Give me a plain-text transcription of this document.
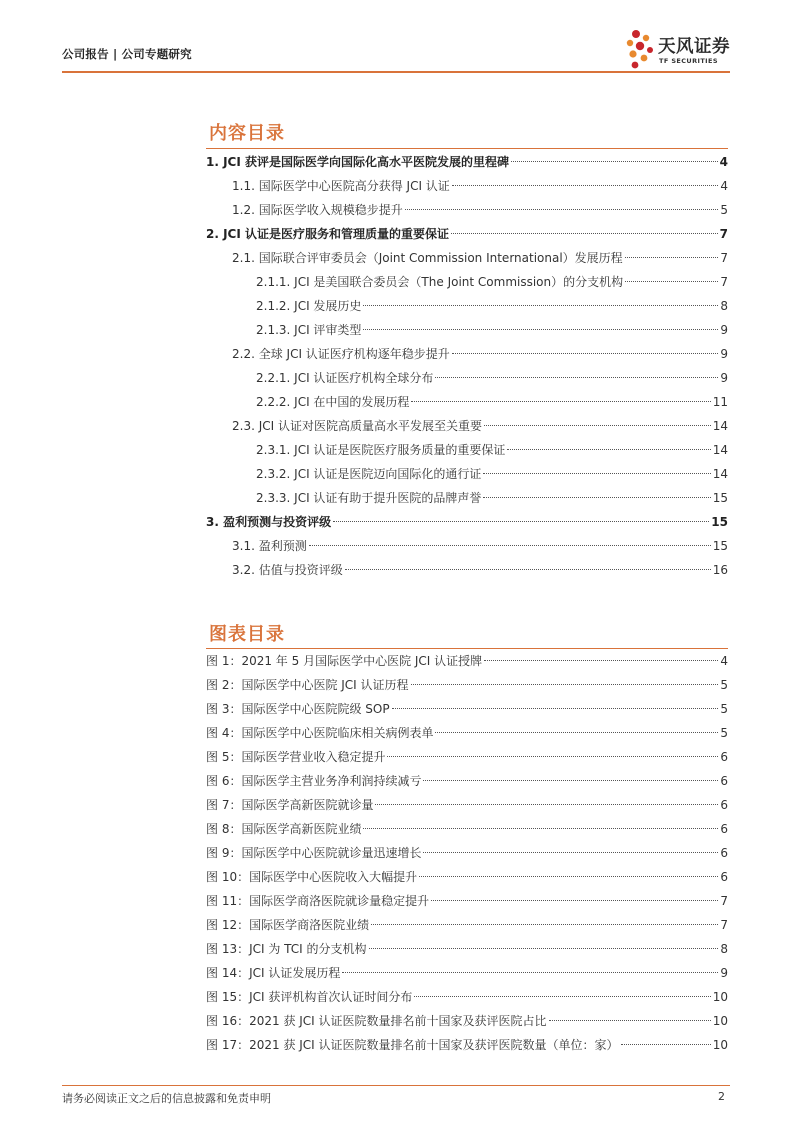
公司报告 | 公司专题研究	天风证券
TF SECURITIES
内容目录
1. JCI 获评是国际医学向国际化高水平医院发展的里程碑	4
1.1. 国际医学中心医院高分获得 JCI 认证	4
1.2. 国际医学收入规模稳步提升	5
2. JCI 认证是医疗服务和管理质量的重要保证	7
2.1. 国际联合评审委员会（Joint Commission International）发展历程	7
2.1.1. JCI 是美国联合委员会（The Joint Commission）的分支机构	7
2.1.2. JCI 发展历史	8
2.1.3. JCI 评审类型	9
2.2. 全球 JCI 认证医疗机构逐年稳步提升	9
2.2.1. JCI 认证医疗机构全球分布	9
2.2.2. JCI 在中国的发展历程	11
2.3. JCI 认证对医院高质量高水平发展至关重要	14
2.3.1. JCI 认证是医院医疗服务质量的重要保证	14
2.3.2. JCI 认证是医院迈向国际化的通行证	14
2.3.3. JCI 认证有助于提升医院的品牌声誉	15
3. 盈利预测与投资评级	15
3.1. 盈利预测	15
3.2. 估值与投资评级	16
图表目录
图 1：2021 年 5 月国际医学中心医院 JCI 认证授牌	4
图 2：国际医学中心医院 JCI 认证历程	5
图 3：国际医学中心医院院级 SOP	5
图 4：国际医学中心医院临床相关病例表单	5
图 5：国际医学营业收入稳定提升	6
图 6：国际医学主营业务净利润持续减亏	6
图 7：国际医学高新医院就诊量	6
图 8：国际医学高新医院业绩	6
图 9：国际医学中心医院就诊量迅速增长	6
图 10：国际医学中心医院收入大幅提升	6
图 11：国际医学商洛医院就诊量稳定提升	7
图 12：国际医学商洛医院业绩	7
图 13：JCI 为 TCI 的分支机构	8
图 14：JCI 认证发展历程	9
图 15：JCI 获评机构首次认证时间分布	10
图 16：2021 获 JCI 认证医院数量排名前十国家及获评医院占比	10
图 17：2021 获 JCI 认证医院数量排名前十国家及获评医院数量（单位：家）	10
请务必阅读正文之后的信息披露和免责申明	2
